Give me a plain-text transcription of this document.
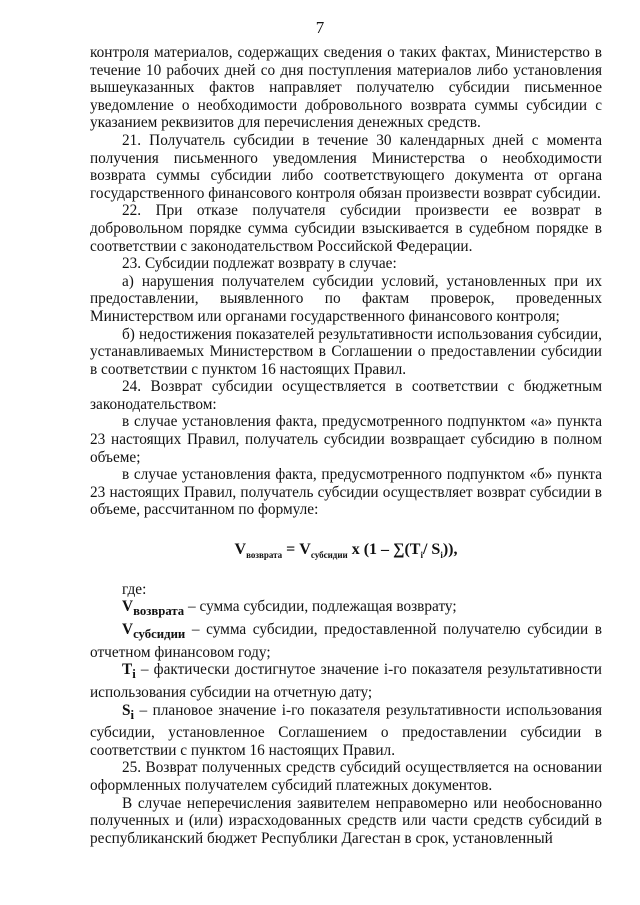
7

контроля материалов, содержащих сведения о таких фактах, Министерство в течение 10 рабочих дней со дня поступления материалов либо установления вышеуказанных фактов направляет получателю субсидии письменное уведомление о необходимости добровольного возврата суммы субсидии с указанием реквизитов для перечисления денежных средств.

21. Получатель субсидии в течение 30 календарных дней с момента получения письменного уведомления Министерства о необходимости возврата суммы субсидии либо соответствующего документа от органа государственного финансового контроля обязан произвести возврат субсидии.

22. При отказе получателя субсидии произвести ее возврат в добровольном порядке сумма субсидии взыскивается в судебном порядке в соответствии с законодательством Российской Федерации.

23. Субсидии подлежат возврату в случае:

а) нарушения получателем субсидии условий, установленных при их предоставлении, выявленного по фактам проверок, проведенных Министерством или органами государственного финансового контроля;

б) недостижения показателей результативности использования субсидии, устанавливаемых Министерством в Соглашении о предоставлении субсидии в соответствии с пунктом 16 настоящих Правил.

24. Возврат субсидии осуществляется в соответствии с бюджетным законодательством:

в случае установления факта, предусмотренного подпунктом «а» пункта 23 настоящих Правил, получатель субсидии возвращает субсидию в полном объеме;

в случае установления факта, предусмотренного подпунктом «б» пункта 23 настоящих Правил, получатель субсидии осуществляет возврат субсидии в объеме, рассчитанном по формуле:

$V_{возврата} = V_{субсидии}$ x ($1 - \sum(T_i/$ $S_i$)),

где:

$V_{возврата}$ – сумма субсидии, подлежащая возврату;

$V_{субсидии}$ – сумма субсидии, предоставленной получателю субсидии в отчетном финансовом году;

$T_i$ – фактически достигнутое значение i-го показателя результативности использования субсидии на отчетную дату;

$S_i$ – плановое значение i-го показателя результативности использования субсидии, установленное Соглашением о предоставлении субсидии в соответствии с пунктом 16 настоящих Правил.

25. Возврат полученных средств субсидий осуществляется на основании оформленных получателем субсидий платежных документов.

В случае неперечисления заявителем неправомерно или необоснованно полученных и (или) израсходованных средств или части средств субсидий в республиканский бюджет Республики Дагестан в срок, установленный
